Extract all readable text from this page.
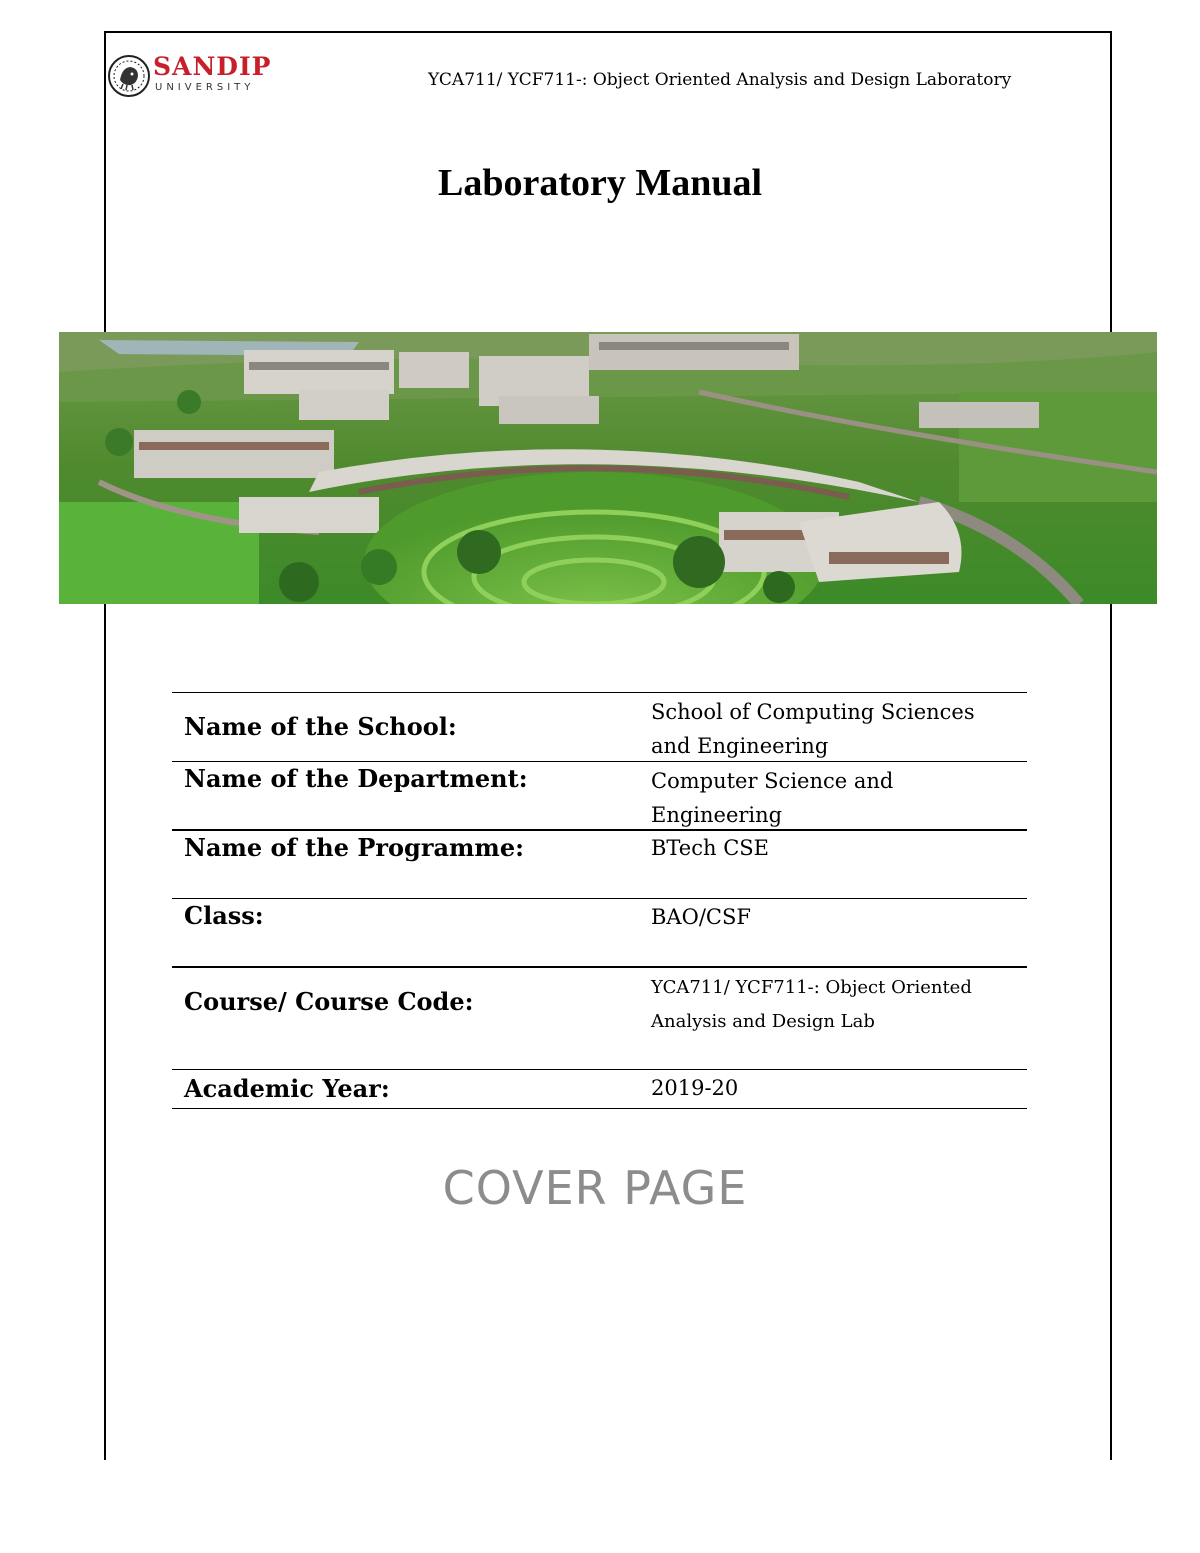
SANDIP
UNIVERSITY	YCA711/ YCF711-: Object Oriented Analysis and Design Laboratory
Laboratory Manual
Name of the School:	School of Computing Sciences and Engineering
Name of the Department:	Computer Science and Engineering
Name of the Programme:	BTech CSE
Class:	BAO/CSF
Course/ Course Code:	YCA711/ YCF711-: Object Oriented Analysis and Design Lab
Academic Year:	2019-20
COVER PAGE
